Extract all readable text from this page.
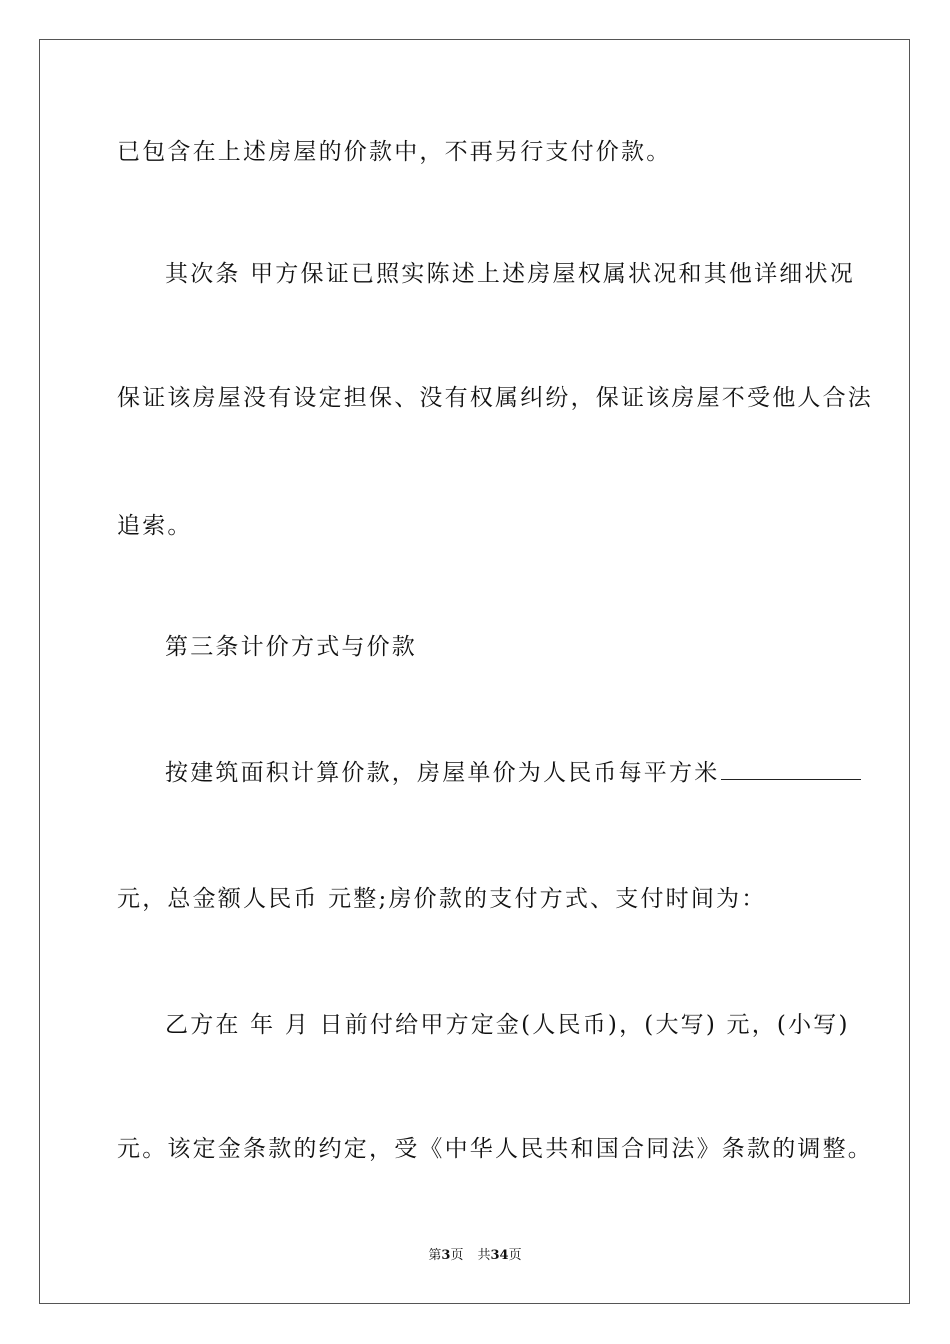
已包含在上述房屋的价款中，不再另行支付价款。
其次条 甲方保证已照实陈述上述房屋权属状况和其他详细状况
保证该房屋没有设定担保、没有权属纠纷，保证该房屋不受他人合法
追索。
第三条计价方式与价款
按建筑面积计算价款，房屋单价为人民币每平方米
元，总金额人民币 元整;房价款的支付方式、支付时间为：
乙方在 年 月 日前付给甲方定金(人民币)，(大写) 元，(小写)
元。该定金条款的约定，受《中华人民共和国合同法》条款的调整。
第3页 共34页
